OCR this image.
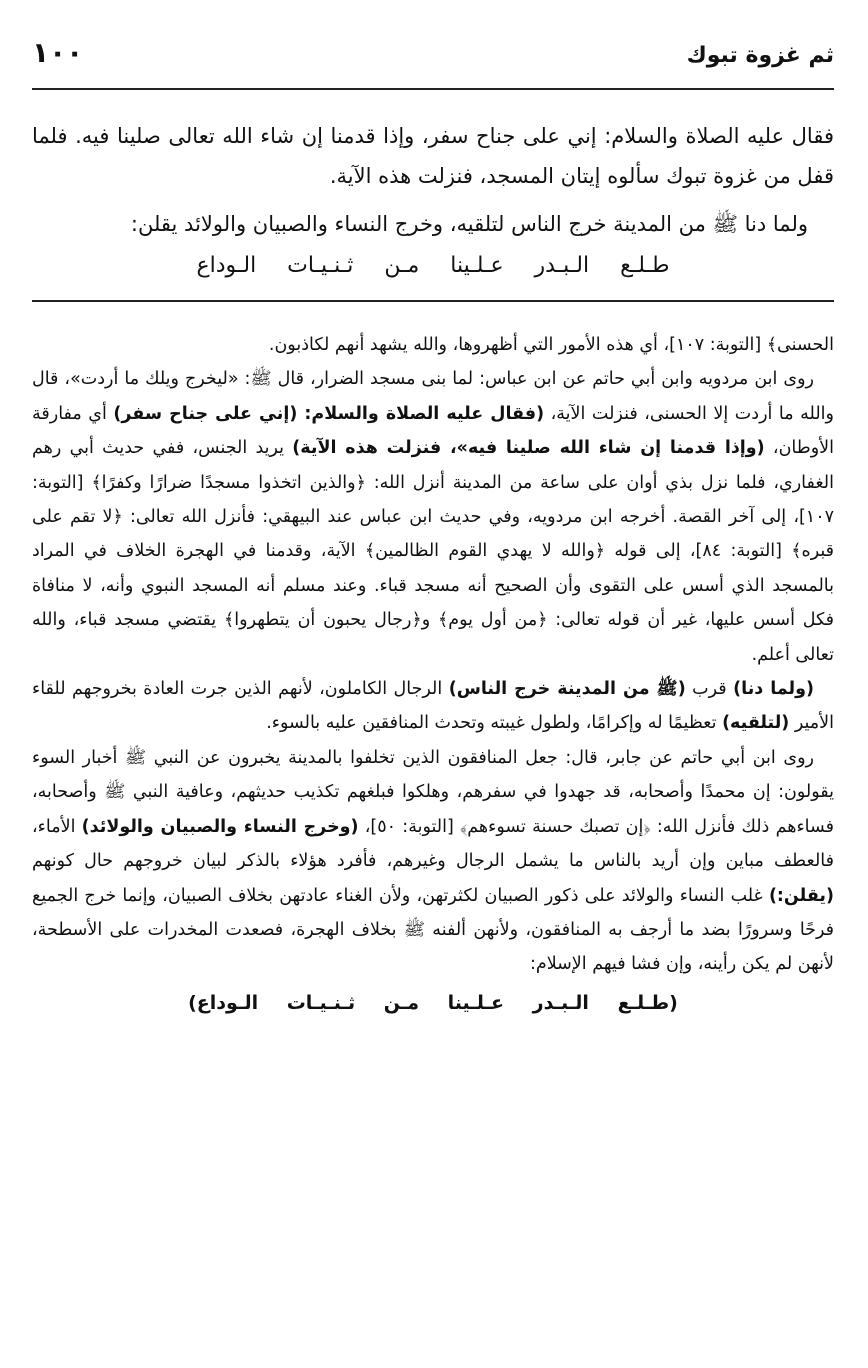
ثم غزوة تبوك
١٠٠

فقال عليه الصلاة والسلام: إني على جناح سفر، وإذا قدمنا إن شاء الله تعالى صلينا فيه. فلما قفل من غزوة تبوك سألوه إيتان المسجد، فنزلت هذه الآية.

ولما دنا ﷺ من المدينة خرج الناس لتلقيه، وخرج النساء والصبيان والولائد يقلن:

طـلـع الـبـدر عـلـينا مـن ثـنـيـات الـوداع

الحسنى﴾ [التوبة: ١٠٧]، أي هذه الأمور التي أظهروها، والله يشهد أنهم لكاذبون.

روى ابن مردويه وابن أبي حاتم عن ابن عباس: لما بنى مسجد الضرار، قال ﷺ: «ليخرج ويلك ما أردت»، قال والله ما أردت إلا الحسنى، فنزلت الآية، (فقال عليه الصلاة والسلام: (إني على جناح سفر) أي مفارقة الأوطان، (وإذا قدمنا إن شاء الله صلينا فيه»، فنزلت هذه الآية) يريد الجنس، ففي حديث أبي رهم الغفاري، فلما نزل بذي أوان على ساعة من المدينة أنزل الله: ﴿والذين اتخذوا مسجدًا ضرارًا وكفرًا﴾ [التوبة: ١٠٧]، إلى آخر القصة. أخرجه ابن مردويه، وفي حديث ابن عباس عند البيهقي: فأنزل الله تعالى: ﴿لا تقم على قبره﴾ [التوبة: ٨٤]، إلى قوله ﴿والله لا يهدي القوم الظالمين﴾ الآية، وقدمنا في الهجرة الخلاف في المراد بالمسجد الذي أسس على التقوى وأن الصحيح أنه مسجد قباء. وعند مسلم أنه المسجد النبوي وأنه، لا منافاة فكل أسس عليها، غير أن قوله تعالى: ﴿من أول يوم﴾ و﴿رجال يحبون أن يتطهروا﴾ يقتضي مسجد قباء، والله تعالى أعلم.

(ولما دنا) قرب (ﷺ من المدينة خرج الناس) الرجال الكاملون، لأنهم الذين جرت العادة بخروجهم للقاء الأمير (لتلقيه) تعظيمًا له وإكرامًا، ولطول غيبته وتحدث المنافقين عليه بالسوء.

روى ابن أبي حاتم عن جابر، قال: جعل المنافقون الذين تخلفوا بالمدينة يخبرون عن النبي ﷺ أخبار السوء يقولون: إن محمدًا وأصحابه، قد جهدوا في سفرهم، وهلكوا فبلغهم تكذيب حديثهم، وعافية النبي ﷺ وأصحابه، فساءهم ذلك فأنزل الله: ﴿إن تصبك حسنة تسوءهم﴾ [التوبة: ٥٠]، (وخرج النساء والصبيان والولائد) الأماء، فالعطف مباين وإن أريد بالناس ما يشمل الرجال وغيرهم، فأفرد هؤلاء بالذكر لبيان خروجهم حال كونهم (يقلن:) غلب النساء والولائد على ذكور الصبيان لكثرتهن، ولأن الغناء عادتهن بخلاف الصبيان، وإنما خرج الجميع فرحًا وسرورًا بضد ما أرجف به المنافقون، ولأنهن ألفنه ﷺ بخلاف الهجرة، فصعدت المخدرات على الأسطحة، لأنهن لم يكن رأينه، وإن فشا فيهم الإسلام:

(طـلـع الـبـدر عـلـينا مـن ثـنـيـات الـوداع)
